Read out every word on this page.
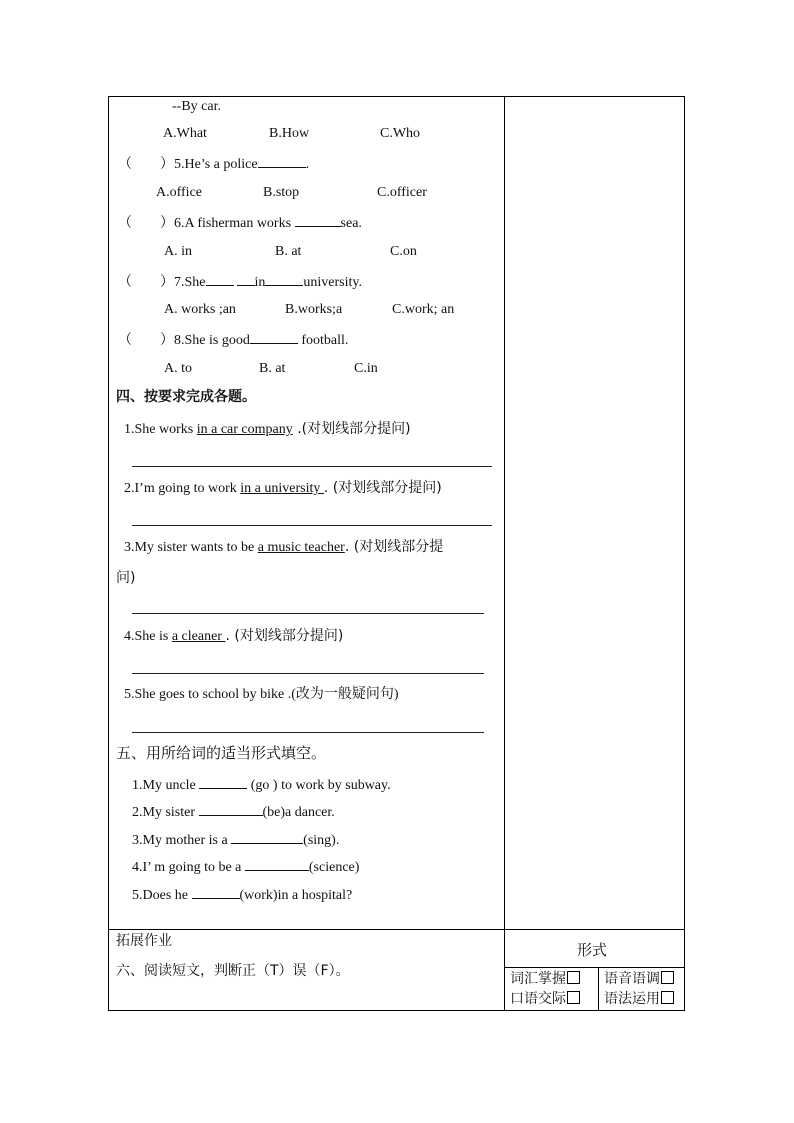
--By car.
A.What	B.How	C.Who
（　　）5.He’s a police	.
A.office	B.stop	C.officer
（　　）6.A fisherman works	sea.
A. in	B. at	C.on
（　　）7.She	in	university.
A. works ;an	B.works;a	C.work; an
（　　）8.She is good	football.
A. to	B. at	C.in
四、按要求完成各题。
1.She works in a car company .(对划线部分提问)
2.I’m going to work in a university . (对划线部分提问)
3.My sister wants to be a music teacher. (对划线部分提
问)
4.She is a cleaner . (对划线部分提问)
5.She goes to school by bike .(改为一般疑问句)
五、用所给词的适当形式填空。
1.My uncle	(go ) to work by subway.
2.My sister	(be)a dancer.
3.My mother is a	(sing).
4.I’ m going to be a	(science)
5.Does he	(work)in a hospital?
拓展作业
六、阅读短文，判断正（T）误（F）。
形式
词汇掌握	语音语调
口语交际	语法运用
